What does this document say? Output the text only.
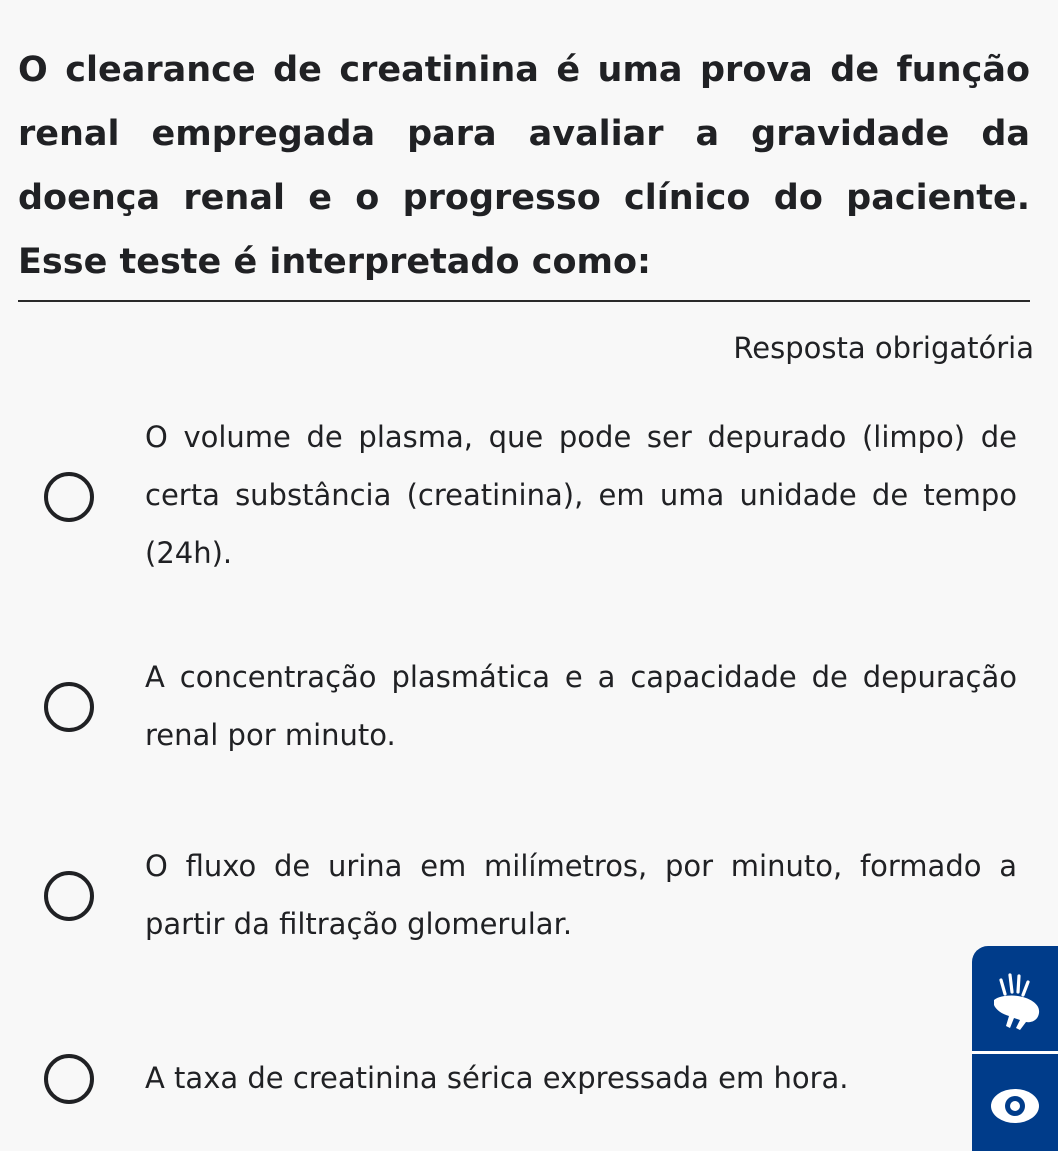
O clearance de creatinina é uma prova de função renal empregada para avaliar a gravidade da doença renal e o progresso clínico do paciente. Esse teste é interpretado como:

Resposta obrigatória

O volume de plasma, que pode ser depurado (limpo) de certa substância (creatinina), em uma unidade de tempo (24h).

A concentração plasmática e a capacidade de depuração renal por minuto.

O fluxo de urina em milímetros, por minuto, formado a partir da filtração glomerular.

A taxa de creatinina sérica expressada em hora.
